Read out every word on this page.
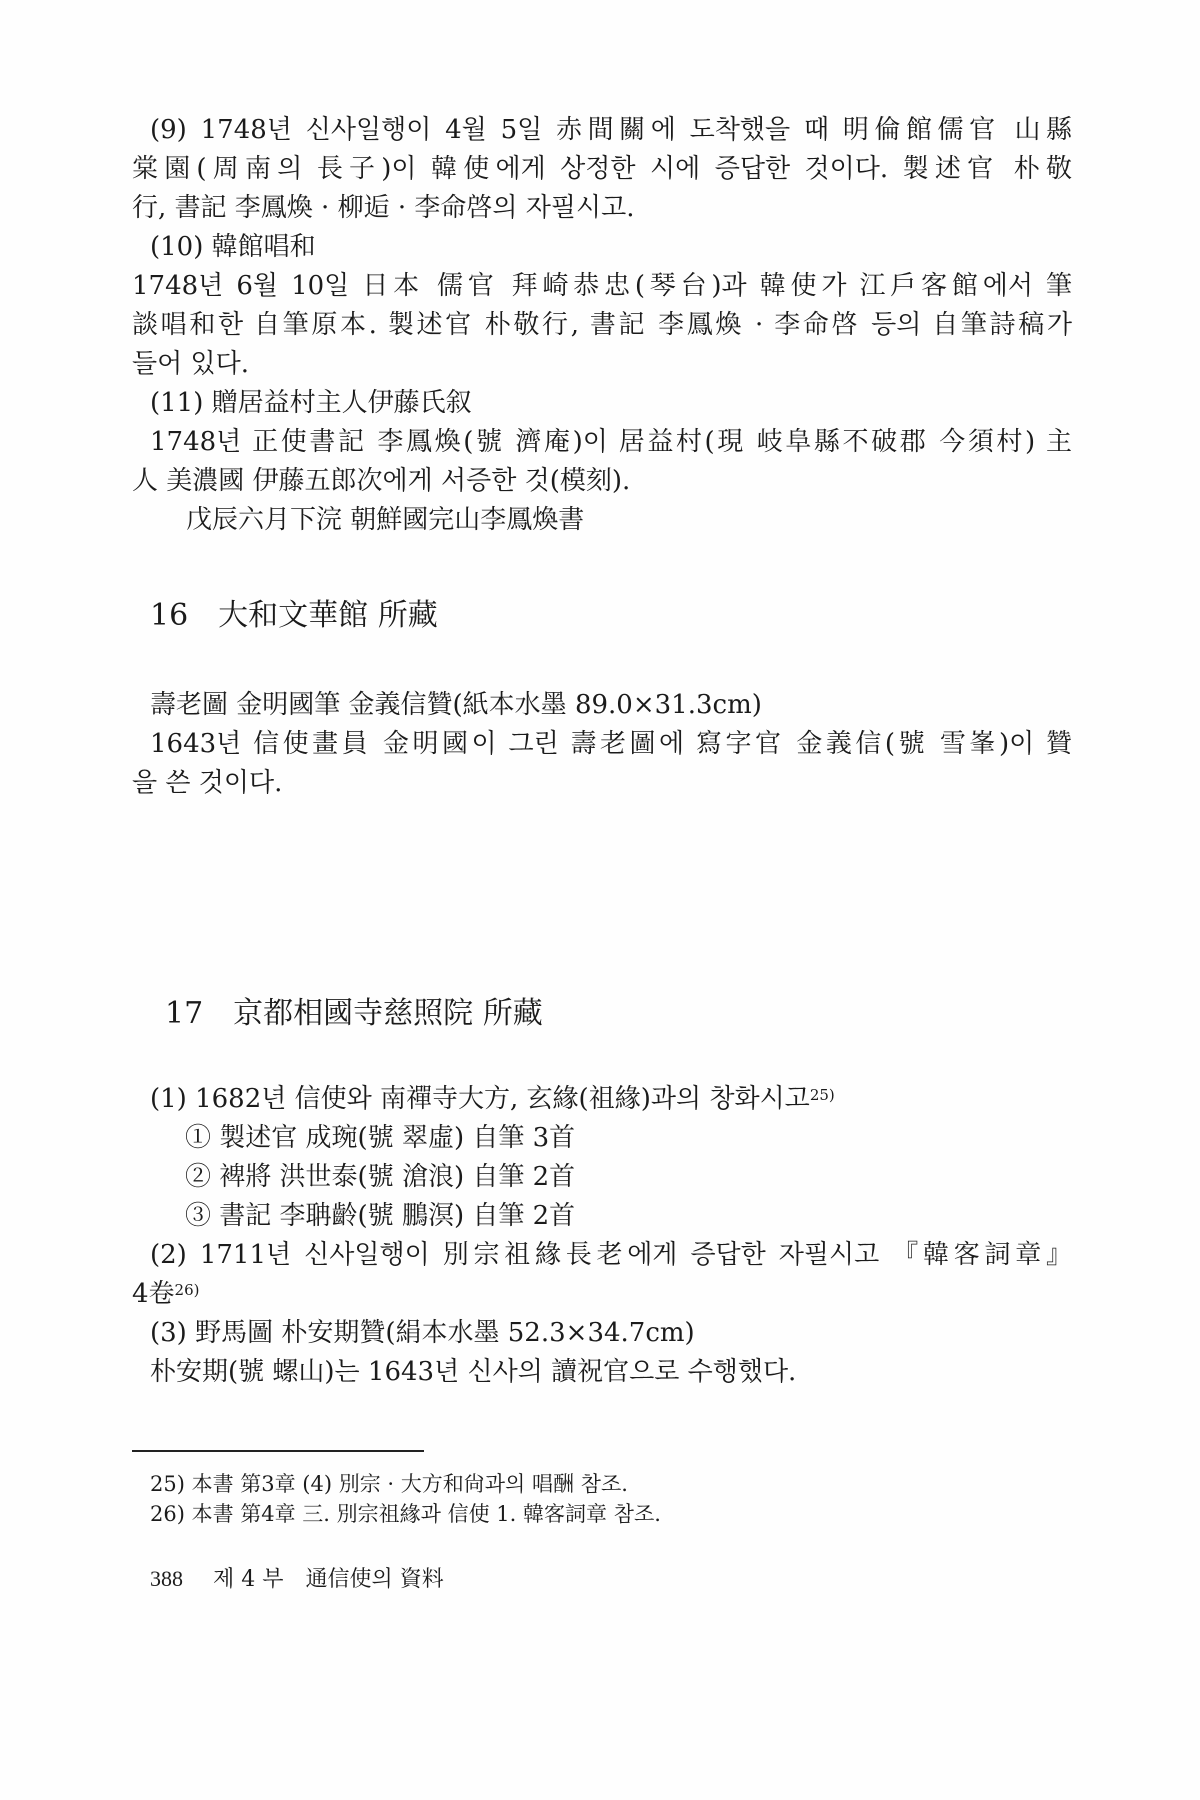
(9) 1748년 신사일행이 4월 5일 赤間關에 도착했을 때 明倫館儒官 山縣
棠園(周南의 長子)이 韓使에게 상정한 시에 증답한 것이다. 製述官 朴敬
行, 書記 李鳳煥 · 柳逅 · 李命啓의 자필시고.
(10) 韓館唱和
1748년 6월 10일 日本 儒官 拜崎恭忠(琴台)과 韓使가 江戶客館에서 筆
談唱和한 自筆原本. 製述官 朴敬行, 書記 李鳳煥 · 李命啓 등의 自筆詩稿가
들어 있다.
(11) 贈居益村主人伊藤氏叙
1748년 正使書記 李鳳煥(號 濟庵)이 居益村(現 岐阜縣不破郡 今須村) 主
人 美濃國 伊藤五郎次에게 서증한 것(模刻).
戊辰六月下浣 朝鮮國完山李鳳煥書
16　大和文華館 所藏
壽老圖 金明國筆 金義信贊(紙本水墨 89.0×31.3cm)
1643년 信使畫員 金明國이 그린 壽老圖에 寫字官 金義信(號 雪峯)이 贊
을 쓴 것이다.
17　京都相國寺慈照院 所藏
(1) 1682년 信使와 南禪寺大方, 玄緣(祖緣)과의 창화시고$^{25)}$
① 製述官 成琬(號 翠虛) 自筆 3首
② 裨將 洪世泰(號 滄浪) 自筆 2首
③ 書記 李聃齡(號 鵬溟) 自筆 2首
(2) 1711년 신사일행이 別宗祖緣長老에게 증답한 자필시고 『韓客詞章』
4卷$^{26)}$
(3) 野馬圖 朴安期贊(絹本水墨 52.3×34.7cm)
朴安期(號 螺山)는 1643년 신사의 讀祝官으로 수행했다.
25) 本書 第3章 (4) 別宗 · 大方和尙과의 唱酬 참조.
26) 本書 第4章 三. 別宗祖緣과 信使 1. 韓客詞章 참조.
388 제 4 부 通信使의 資料
